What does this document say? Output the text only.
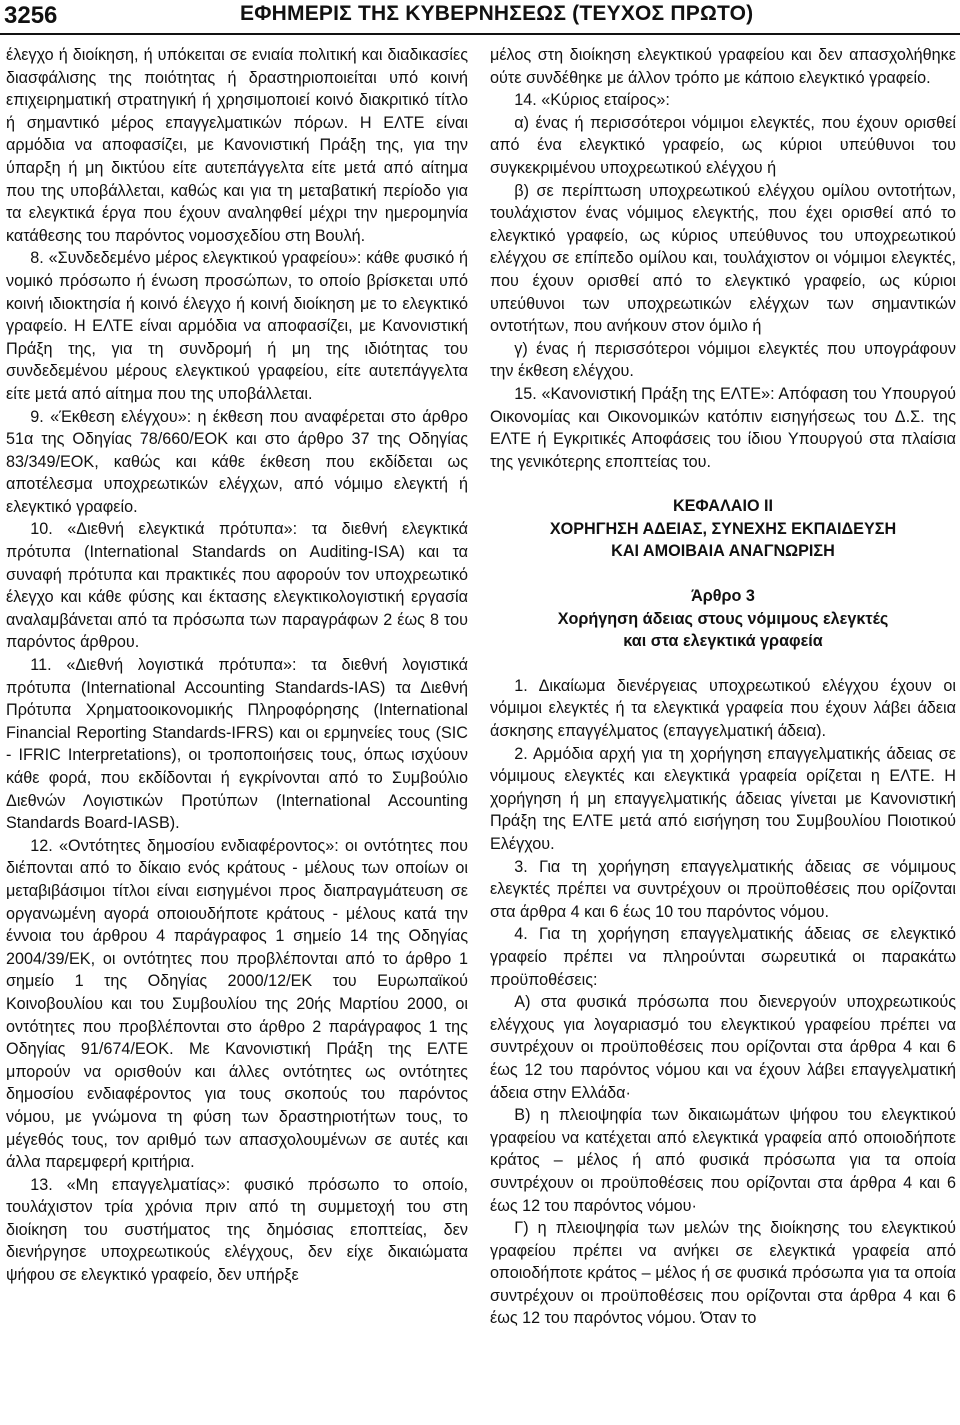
3256	ΕΦΗΜΕΡΙΣ ΤΗΣ ΚΥΒΕΡΝΗΣΕΩΣ (ΤΕΥΧΟΣ ΠΡΩΤΟ)

έλεγχο ή διοίκηση, ή υπόκειται σε ενιαία πολιτική και διαδικασίες διασφάλισης της ποιότητας ή δραστηριοποιείται υπό κοινή επιχειρηματική στρατηγική ή χρησιμοποιεί κοινό διακριτικό τίτλο ή σημαντικό μέρος επαγγελματικών πόρων. Η ΕΛΤΕ είναι αρμόδια να αποφασίζει, με Κανονιστική Πράξη της, για την ύπαρξη ή μη δικτύου είτε αυτεπάγγελτα είτε μετά από αίτημα που της υποβάλλεται, καθώς και για τη μεταβατική περίοδο για τα ελεγκτικά έργα που έχουν αναληφθεί μέχρι την ημερομηνία κατάθεσης του παρόντος νομοσχεδίου στη Βουλή.

8. «Συνδεδεμένο μέρος ελεγκτικού γραφείου»: κάθε φυσικό ή νομικό πρόσωπο ή ένωση προσώπων, το οποίο βρίσκεται υπό κοινή ιδιοκτησία ή κοινό έλεγχο ή κοινή διοίκηση με το ελεγκτικό γραφείο. Η ΕΛΤΕ είναι αρμόδια να αποφασίζει, με Κανονιστική Πράξη της, για τη συνδρομή ή μη της ιδιότητας του συνδεδεμένου μέρους ελεγκτικού γραφείου, είτε αυτεπάγγελτα είτε μετά από αίτημα που της υποβάλλεται.

9. «Έκθεση ελέγχου»: η έκθεση που αναφέρεται στο άρθρο 51α της Οδηγίας 78/660/ΕΟΚ και στο άρθρο 37 της Οδηγίας 83/349/ΕΟΚ, καθώς και κάθε έκθεση που εκδίδεται ως αποτέλεσμα υποχρεωτικών ελέγχων, από νόμιμο ελεγκτή ή ελεγκτικό γραφείο.

10. «Διεθνή ελεγκτικά πρότυπα»: τα διεθνή ελεγκτικά πρότυπα (International Standards on Auditing-ISA) και τα συναφή πρότυπα και πρακτικές που αφορούν τον υποχρεωτικό έλεγχο και κάθε φύσης και έκτασης ελεγκτικολογιστική εργασία αναλαμβάνεται από τα πρόσωπα των παραγράφων 2 έως 8 του παρόντος άρθρου.

11. «Διεθνή λογιστικά πρότυπα»: τα διεθνή λογιστικά πρότυπα (International Accounting Standards-IAS) τα Διεθνή Πρότυπα Χρηματοοικονομικής Πληροφόρησης (International Financial Reporting Standards-IFRS) και οι ερμηνείες τους (SIC - IFRIC Interpretations), οι τροποποιήσεις τους, όπως ισχύουν κάθε φορά, που εκδίδονται ή εγκρίνονται από το Συμβούλιο Διεθνών Λογιστικών Προτύπων (International Accounting Standards Board-IASB).

12. «Οντότητες δημοσίου ενδιαφέροντος»: οι οντότητες που διέπονται από το δίκαιο ενός κράτους - μέλους των οποίων οι μεταβιβάσιμοι τίτλοι είναι εισηγμένοι προς διαπραγμάτευση σε οργανωμένη αγορά οποιουδήποτε κράτους - μέλους κατά την έννοια του άρθρου 4 παράγραφος 1 σημείο 14 της Οδηγίας 2004/39/ΕΚ, οι οντότητες που προβλέπονται από το άρθρο 1 σημείο 1 της Οδηγίας 2000/12/ΕΚ του Ευρωπαϊκού Κοινοβουλίου και του Συμβουλίου της 20ής Μαρτίου 2000, οι οντότητες που προβλέπονται στο άρθρο 2 παράγραφος 1 της Οδηγίας 91/674/ΕΟΚ. Με Κανονιστική Πράξη της ΕΛΤΕ μπορούν να ορισθούν και άλλες οντότητες ως οντότητες δημοσίου ενδιαφέροντος για τους σκοπούς του παρόντος νόμου, με γνώμονα τη φύση των δραστηριοτήτων τους, το μέγεθός τους, τον αριθμό των απασχολουμένων σε αυτές και άλλα παρεμφερή κριτήρια.

13. «Μη επαγγελματίας»: φυσικό πρόσωπο το οποίο, τουλάχιστον τρία χρόνια πριν από τη συμμετοχή του στη διοίκηση του συστήματος της δημόσιας εποπτείας, δεν διενήργησε υποχρεωτικούς ελέγχους, δεν είχε δικαιώματα ψήφου σε ελεγκτικό γραφείο, δεν υπήρξε

μέλος στη διοίκηση ελεγκτικού γραφείου και δεν απασχολήθηκε ούτε συνδέθηκε με άλλον τρόπο με κάποιο ελεγκτικό γραφείο.

14. «Κύριος εταίρος»:

α) ένας ή περισσότεροι νόμιμοι ελεγκτές, που έχουν ορισθεί από ένα ελεγκτικό γραφείο, ως κύριοι υπεύθυνοι του συγκεκριμένου υποχρεωτικού ελέγχου ή

β) σε περίπτωση υποχρεωτικού ελέγχου ομίλου οντοτήτων, τουλάχιστον ένας νόμιμος ελεγκτής, που έχει ορισθεί από το ελεγκτικό γραφείο, ως κύριος υπεύθυνος του υποχρεωτικού ελέγχου σε επίπεδο ομίλου και, τουλάχιστον οι νόμιμοι ελεγκτές, που έχουν ορισθεί από το ελεγκτικό γραφείο, ως κύριοι υπεύθυνοι των υποχρεωτικών ελέγχων των σημαντικών οντοτήτων, που ανήκουν στον όμιλο ή

γ) ένας ή περισσότεροι νόμιμοι ελεγκτές που υπογράφουν την έκθεση ελέγχου.

15. «Κανονιστική Πράξη της ΕΛΤΕ»: Απόφαση του Υπουργού Οικονομίας και Οικονομικών κατόπιν εισηγήσεως του Δ.Σ. της ΕΛΤΕ ή Εγκριτικές Αποφάσεις του ίδιου Υπουργού στα πλαίσια της γενικότερης εποπτείας του.

ΚΕΦΑΛΑΙΟ ΙΙ

ΧΟΡΗΓΗΣΗ ΑΔΕΙΑΣ, ΣΥΝΕΧΗΣ ΕΚΠΑΙΔΕΥΣΗ

ΚΑΙ ΑΜΟΙΒΑΙΑ ΑΝΑΓΝΩΡΙΣΗ

Άρθρο 3

Χορήγηση άδειας στους νόμιμους ελεγκτές

και στα ελεγκτικά γραφεία

1. Δικαίωμα διενέργειας υποχρεωτικού ελέγχου έχουν οι νόμιμοι ελεγκτές ή τα ελεγκτικά γραφεία που έχουν λάβει άδεια άσκησης επαγγέλματος (επαγγελματική άδεια).

2. Αρμόδια αρχή για τη χορήγηση επαγγελματικής άδειας σε νόμιμους ελεγκτές και ελεγκτικά γραφεία ορίζεται η ΕΛΤΕ. Η χορήγηση ή μη επαγγελματικής άδειας γίνεται με Κανονιστική Πράξη της ΕΛΤΕ μετά από εισήγηση του Συμβουλίου Ποιοτικού Ελέγχου.

3. Για τη χορήγηση επαγγελματικής άδειας σε νόμιμους ελεγκτές πρέπει να συντρέχουν οι προϋποθέσεις που ορίζονται στα άρθρα 4 και 6 έως 10 του παρόντος νόμου.

4. Για τη χορήγηση επαγγελματικής άδειας σε ελεγκτικό γραφείο πρέπει να πληρούνται σωρευτικά οι παρακάτω προϋποθέσεις:

Α) στα φυσικά πρόσωπα που διενεργούν υποχρεωτικούς ελέγχους για λογαριασμό του ελεγκτικού γραφείου πρέπει να συντρέχουν οι προϋποθέσεις που ορίζονται στα άρθρα 4 και 6 έως 12 του παρόντος νόμου και να έχουν λάβει επαγγελματική άδεια στην Ελλάδα·

Β) η πλειοψηφία των δικαιωμάτων ψήφου του ελεγκτικού γραφείου να κατέχεται από ελεγκτικά γραφεία από οποιοδήποτε κράτος – μέλος ή από φυσικά πρόσωπα για τα οποία συντρέχουν οι προϋποθέσεις που ορίζονται στα άρθρα 4 και 6 έως 12 του παρόντος νόμου·

Γ) η πλειοψηφία των μελών της διοίκησης του ελεγκτικού γραφείου πρέπει να ανήκει σε ελεγκτικά γραφεία από οποιοδήποτε κράτος – μέλος ή σε φυσικά πρόσωπα για τα οποία συντρέχουν οι προϋποθέσεις που ορίζονται στα άρθρα 4 και 6 έως 12 του παρόντος νόμου. Όταν το
